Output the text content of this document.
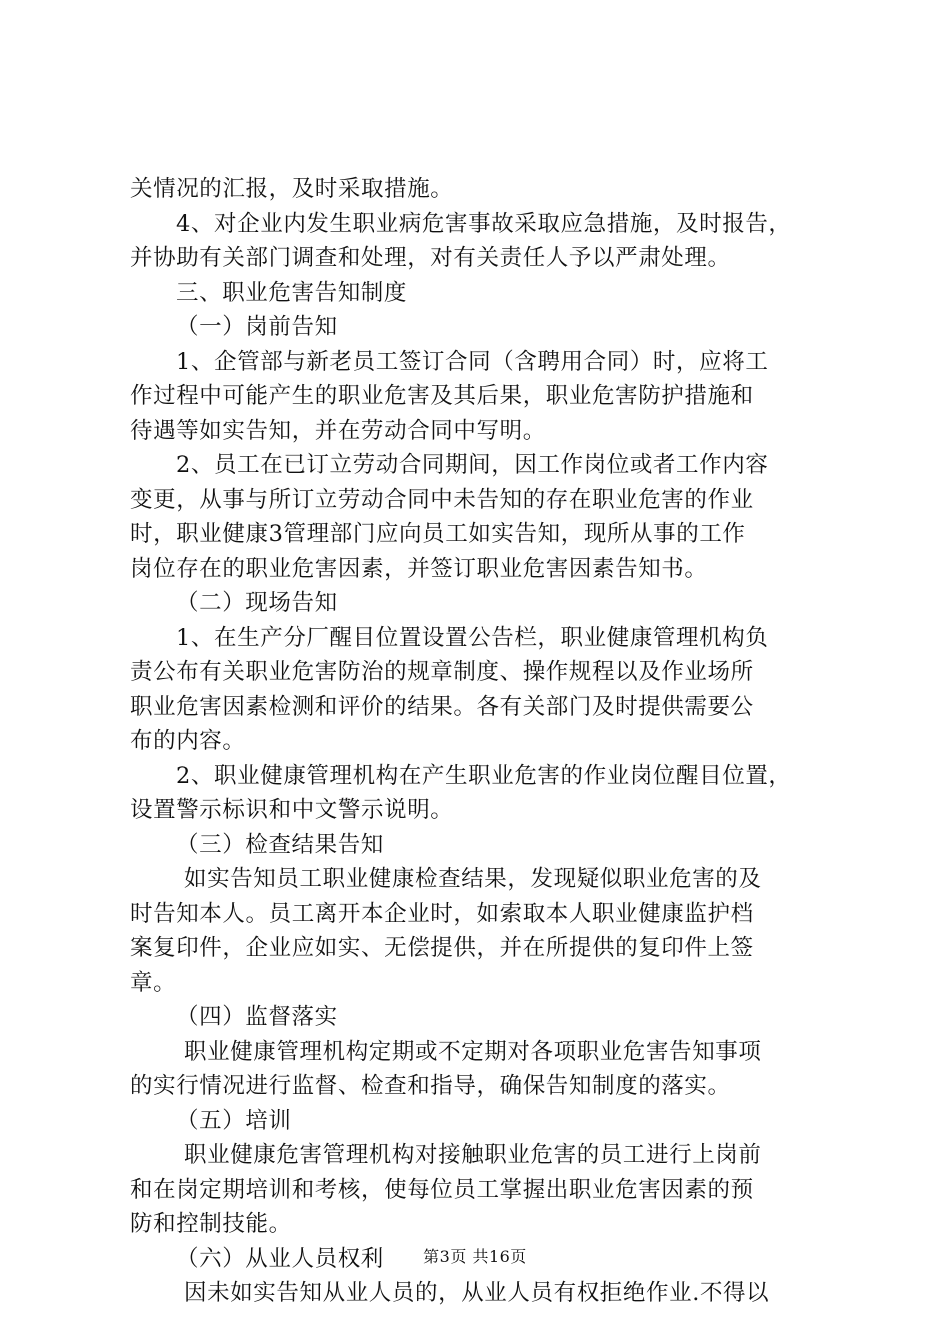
关情况的汇报，及时采取措施。
4、对企业内发生职业病危害事故采取应急措施，及时报告，
并协助有关部门调查和处理，对有关责任人予以严肃处理。
三、职业危害告知制度
（一）岗前告知
1、企管部与新老员工签订合同（含聘用合同）时，应将工
作过程中可能产生的职业危害及其后果，职业危害防护措施和
待遇等如实告知，并在劳动合同中写明。
2、员工在已订立劳动合同期间，因工作岗位或者工作内容
变更，从事与所订立劳动合同中未告知的存在职业危害的作业
时，职业健康3管理部门应向员工如实告知，现所从事的工作
岗位存在的职业危害因素，并签订职业危害因素告知书。
（二）现场告知
1、在生产分厂醒目位置设置公告栏，职业健康管理机构负
责公布有关职业危害防治的规章制度、操作规程以及作业场所
职业危害因素检测和评价的结果。各有关部门及时提供需要公
布的内容。
2、职业健康管理机构在产生职业危害的作业岗位醒目位置，
设置警示标识和中文警示说明。
（三）检查结果告知
如实告知员工职业健康检查结果，发现疑似职业危害的及
时告知本人。员工离开本企业时，如索取本人职业健康监护档
案复印件，企业应如实、无偿提供，并在所提供的复印件上签
章。
（四）监督落实
职业健康管理机构定期或不定期对各项职业危害告知事项
的实行情况进行监督、检查和指导，确保告知制度的落实。
（五）培训
职业健康危害管理机构对接触职业危害的员工进行上岗前
和在岗定期培训和考核，使每位员工掌握出职业危害因素的预
防和控制技能。
（六）从业人员权利
因未如实告知从业人员的，从业人员有权拒绝作业.不得以
第3页 共16页
